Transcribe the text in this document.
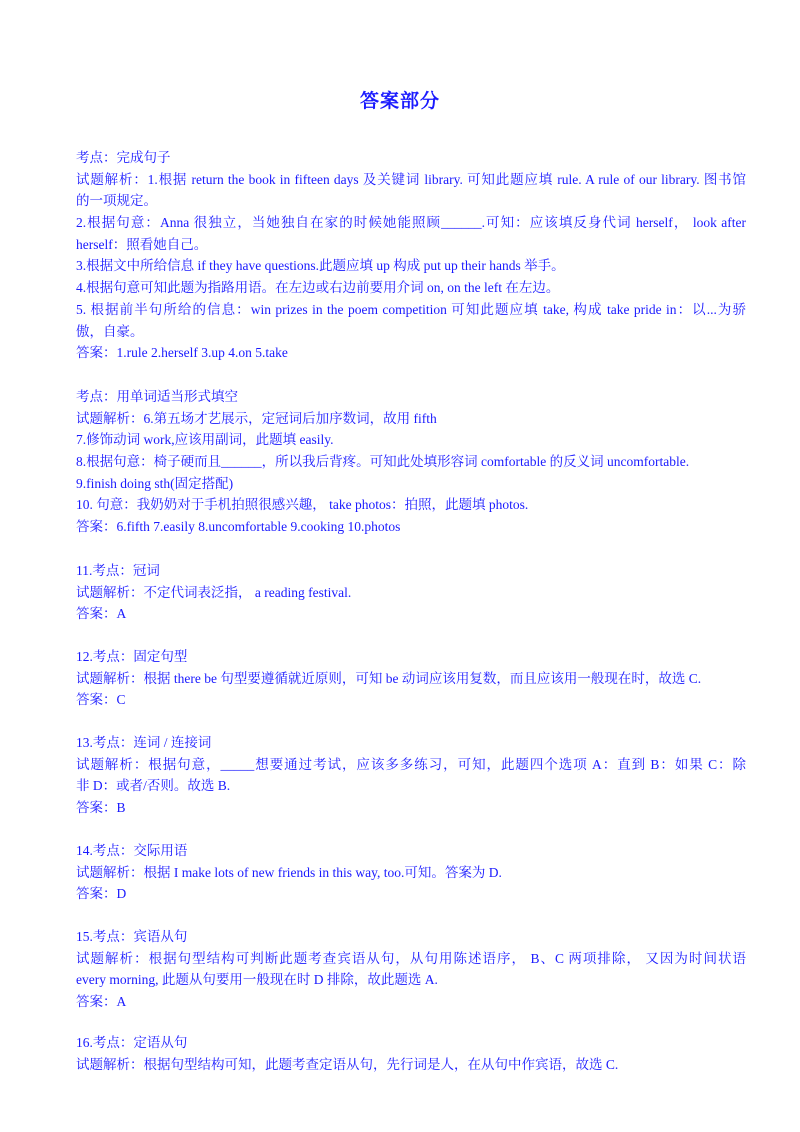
答案部分
考点：完成句子
试题解析：1.根据 return the book in fifteen days 及关键词 library. 可知此题应填 rule. A rule of our library. 图书馆
的一项规定。
2.根据句意：Anna 很独立，当她独自在家的时候她能照顾______.可知：应该填反身代词 herself， look after
herself：照看她自己。
3.根据文中所给信息 if they have questions.此题应填 up 构成 put up their hands 举手。
4.根据句意可知此题为指路用语。在左边或右边前要用介词 on, on the left 在左边。
5. 根据前半句所给的信息：win prizes in the poem competition 可知此题应填 take, 构成 take pride in：以...为骄
傲，自豪。
答案：1.rule 2.herself 3.up 4.on 5.take
考点：用单词适当形式填空
试题解析：6.第五场才艺展示，定冠词后加序数词，故用 fifth
7.修饰动词 work,应该用副词，此题填 easily.
8.根据句意：椅子硬而且______，所以我后背疼。可知此处填形容词 comfortable 的反义词 uncomfortable.
9.finish doing sth(固定搭配)
10. 句意：我奶奶对于手机拍照很感兴趣， take photos：拍照，此题填 photos.
答案：6.fifth 7.easily 8.uncomfortable 9.cooking 10.photos
11.考点：冠词
试题解析：不定代词表泛指， a reading festival.
答案：A
12.考点：固定句型
试题解析：根据 there be 句型要遵循就近原则，可知 be 动词应该用复数，而且应该用一般现在时，故选 C.
答案：C
13.考点：连词 / 连接词
试题解析：根据句意，_____想要通过考试，应该多多练习，可知，此题四个选项 A：直到 B：如果 C：除
非 D：或者/否则。故选 B.
答案：B
14.考点：交际用语
试题解析：根据 I make lots of new friends in this way, too.可知。答案为 D.
答案：D
15.考点：宾语从句
试题解析：根据句型结构可判断此题考查宾语从句，从句用陈述语序， B、C 两项排除， 又因为时间状语
every morning, 此题从句要用一般现在时 D 排除，故此题选 A.
答案：A
16.考点：定语从句
试题解析：根据句型结构可知，此题考查定语从句，先行词是人，在从句中作宾语，故选 C.
